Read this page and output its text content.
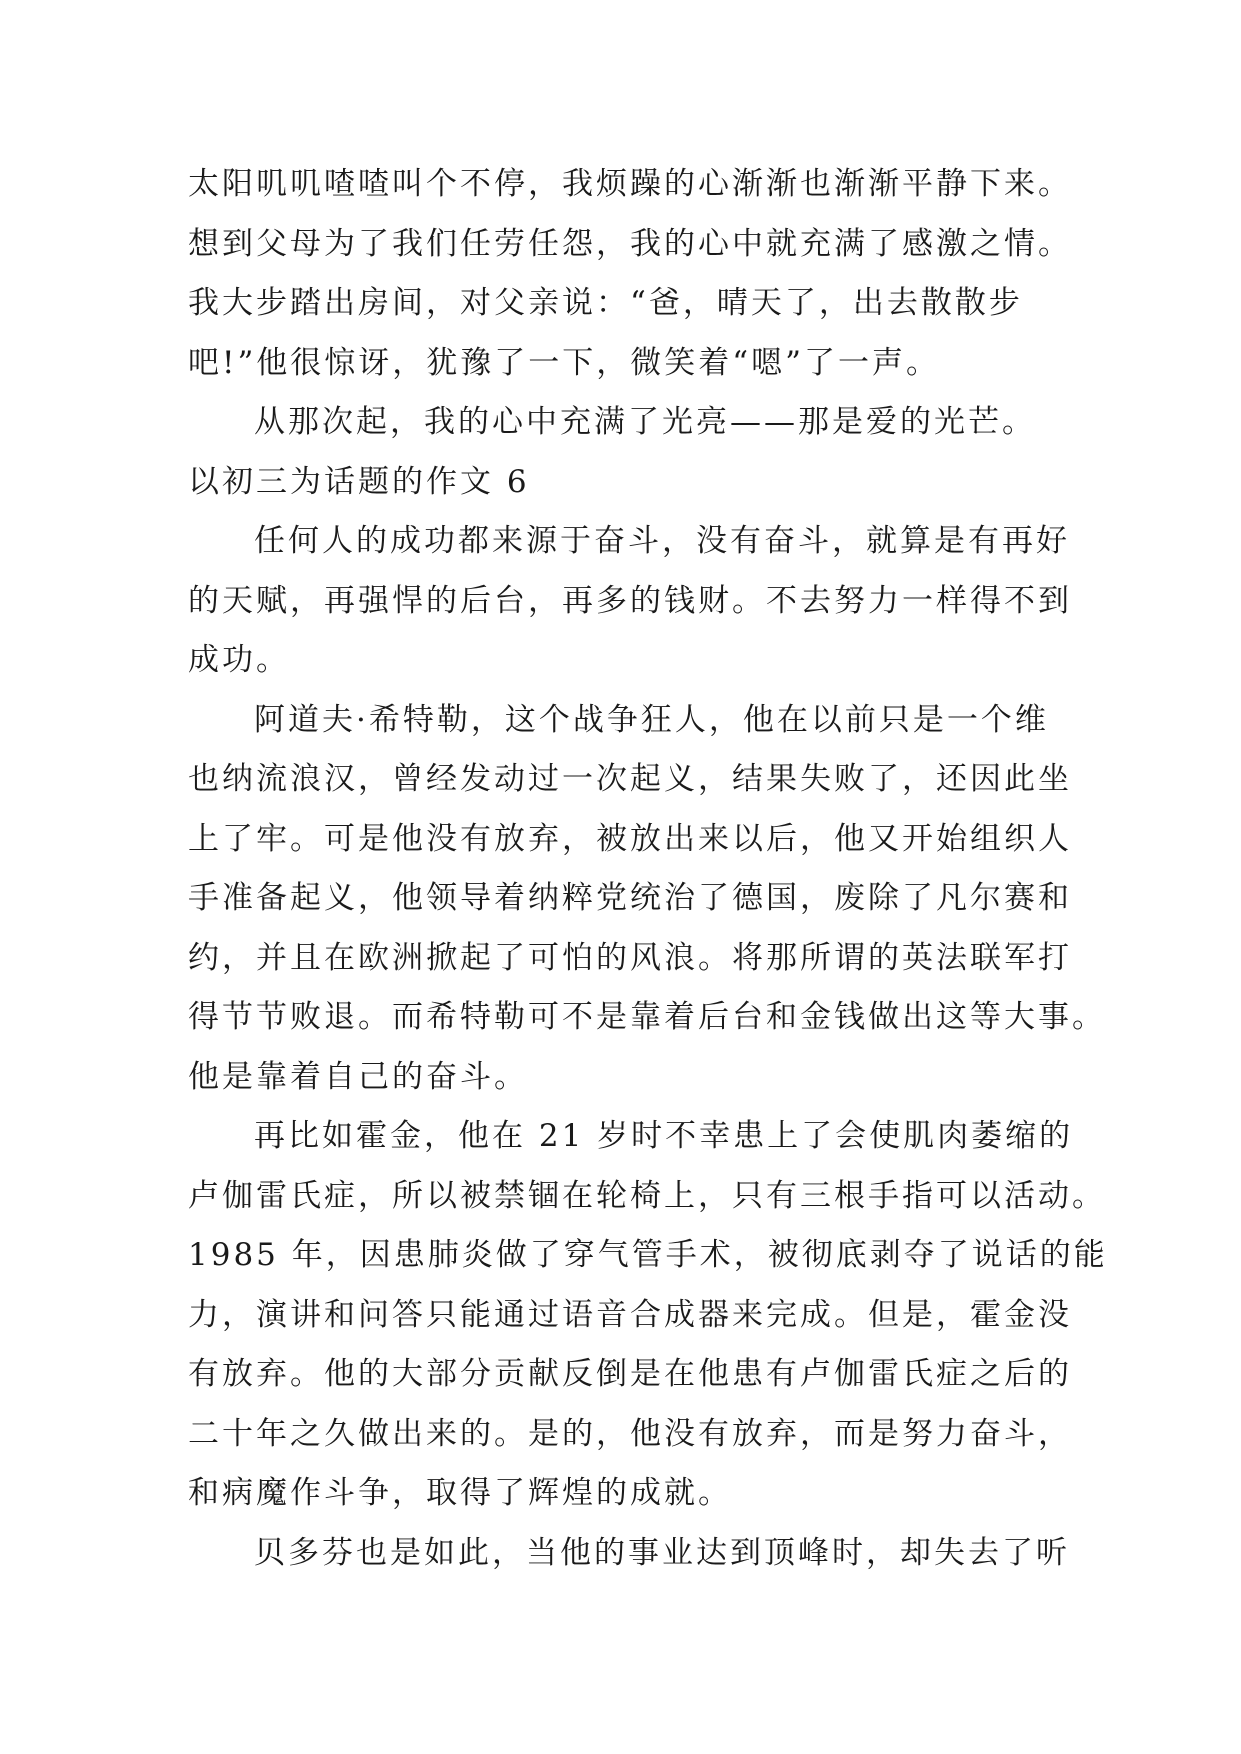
太阳叽叽喳喳叫个不停，我烦躁的心渐渐也渐渐平静下来。
想到父母为了我们任劳任怨，我的心中就充满了感激之情。
我大步踏出房间，对父亲说：“爸，晴天了，出去散散步
吧!”他很惊讶，犹豫了一下，微笑着“嗯”了一声。
从那次起，我的心中充满了光亮——那是爱的光芒。
以初三为话题的作文 6
任何人的成功都来源于奋斗，没有奋斗，就算是有再好
的天赋，再强悍的后台，再多的钱财。不去努力一样得不到
成功。
阿道夫·希特勒，这个战争狂人，他在以前只是一个维
也纳流浪汉，曾经发动过一次起义，结果失败了，还因此坐
上了牢。可是他没有放弃，被放出来以后，他又开始组织人
手准备起义，他领导着纳粹党统治了德国，废除了凡尔赛和
约，并且在欧洲掀起了可怕的风浪。将那所谓的英法联军打
得节节败退。而希特勒可不是靠着后台和金钱做出这等大事。
他是靠着自己的奋斗。
再比如霍金，他在 21 岁时不幸患上了会使肌肉萎缩的
卢伽雷氏症，所以被禁锢在轮椅上，只有三根手指可以活动。
1985 年，因患肺炎做了穿气管手术，被彻底剥夺了说话的能
力，演讲和问答只能通过语音合成器来完成。但是，霍金没
有放弃。他的大部分贡献反倒是在他患有卢伽雷氏症之后的
二十年之久做出来的。是的，他没有放弃，而是努力奋斗，
和病魔作斗争，取得了辉煌的成就。
贝多芬也是如此，当他的事业达到顶峰时，却失去了听
